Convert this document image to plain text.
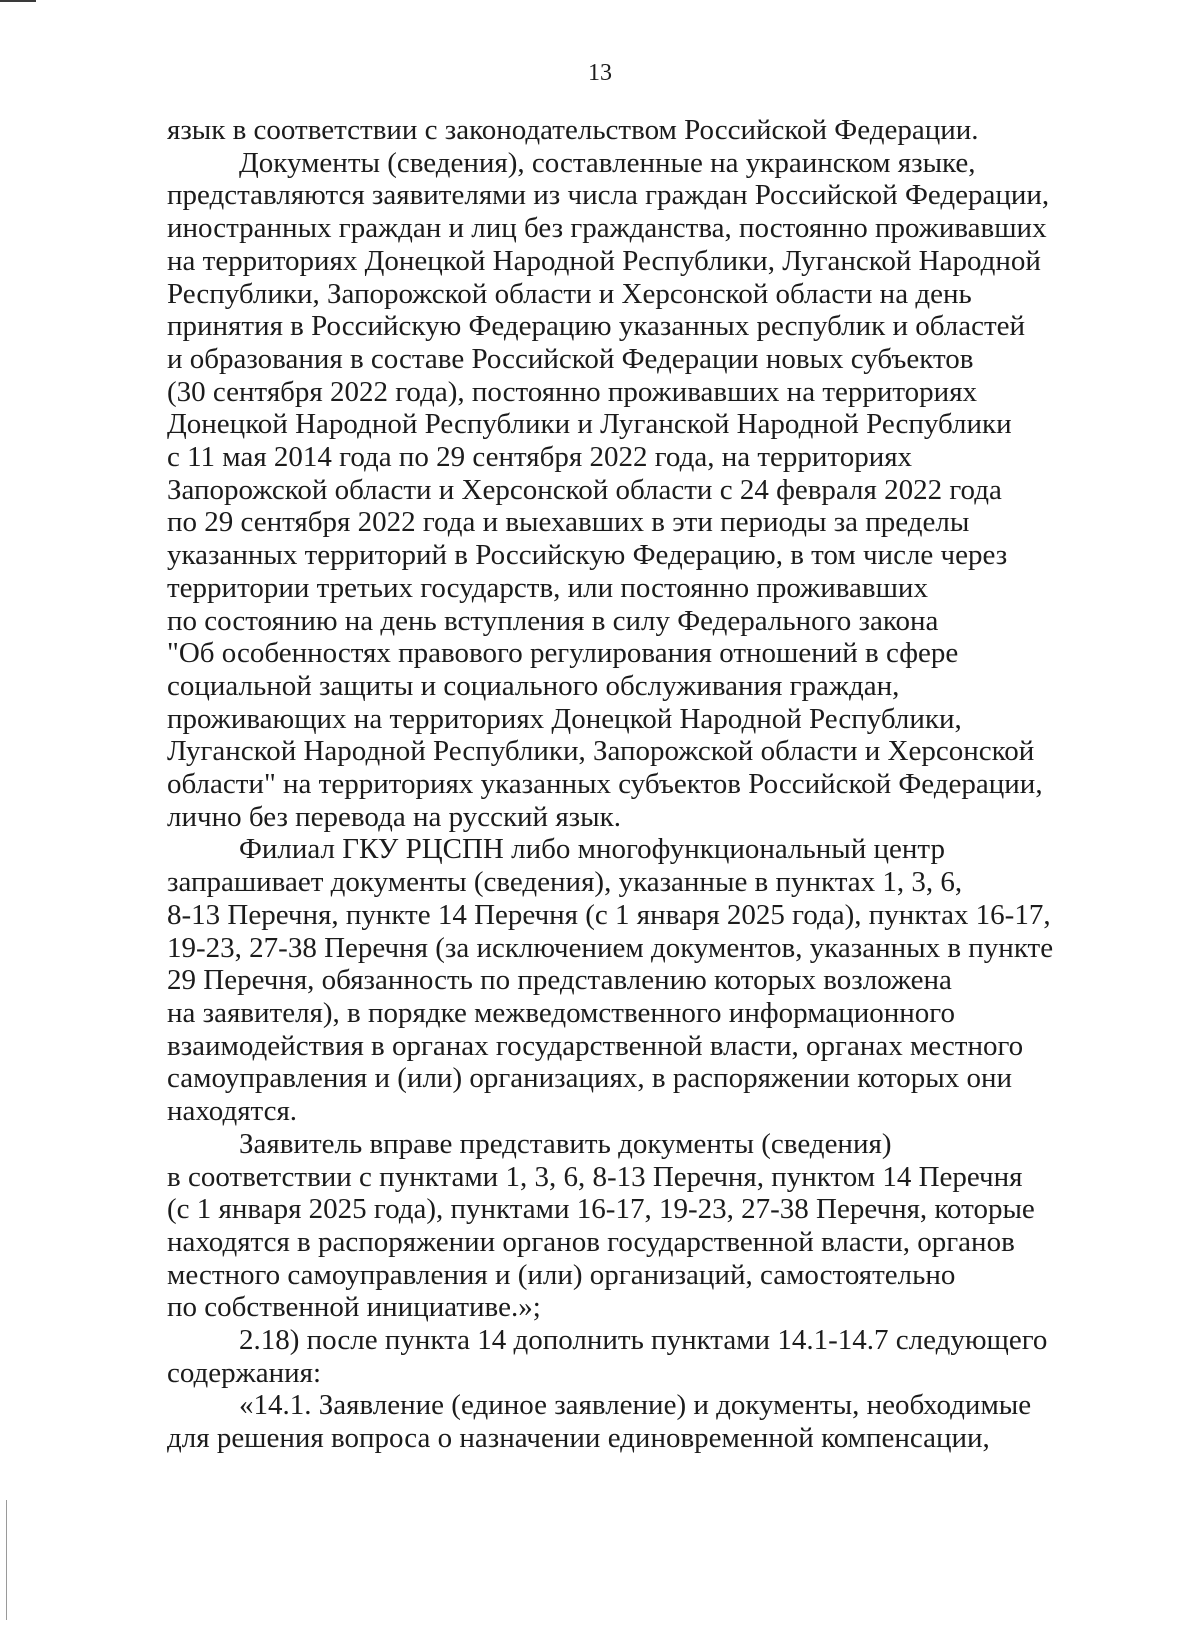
13

язык в соответствии с законодательством Российской Федерации.

Документы (сведения), составленные на украинском языке,
представляются заявителями из числа граждан Российской Федерации,
иностранных граждан и лиц без гражданства, постоянно проживавших
на территориях Донецкой Народной Республики, Луганской Народной
Республики, Запорожской области и Херсонской области на день
принятия в Российскую Федерацию указанных республик и областей
и образования в составе Российской Федерации новых субъектов
(30 сентября 2022 года), постоянно проживавших на территориях
Донецкой Народной Республики и Луганской Народной Республики
с 11 мая 2014 года по 29 сентября 2022 года, на территориях
Запорожской области и Херсонской области с 24 февраля 2022 года
по 29 сентября 2022 года и выехавших в эти периоды за пределы
указанных территорий в Российскую Федерацию, в том числе через
территории третьих государств, или постоянно проживавших
по состоянию на день вступления в силу Федерального закона
"Об особенностях правового регулирования отношений в сфере
социальной защиты и социального обслуживания граждан,
проживающих на территориях Донецкой Народной Республики,
Луганской Народной Республики, Запорожской области и Херсонской
области" на территориях указанных субъектов Российской Федерации,
лично без перевода на русский язык.

Филиал ГКУ РЦСПН либо многофункциональный центр
запрашивает документы (сведения), указанные в пунктах 1, 3, 6,
8-13 Перечня, пункте 14 Перечня (с 1 января 2025 года), пунктах 16-17,
19-23, 27-38 Перечня (за исключением документов, указанных в пункте
29 Перечня, обязанность по представлению которых возложена
на заявителя), в порядке межведомственного информационного
взаимодействия в органах государственной власти, органах местного
самоуправления и (или) организациях, в распоряжении которых они
находятся.

Заявитель вправе представить документы (сведения)
в соответствии с пунктами 1, 3, 6, 8-13 Перечня, пунктом 14 Перечня
(с 1 января 2025 года), пунктами 16-17, 19-23, 27-38 Перечня, которые
находятся в распоряжении органов государственной власти, органов
местного самоуправления и (или) организаций, самостоятельно
по собственной инициативе.»;

2.18) после пункта 14 дополнить пунктами 14.1-14.7 следующего
содержания:

«14.1. Заявление (единое заявление) и документы, необходимые
для решения вопроса о назначении единовременной компенсации,
